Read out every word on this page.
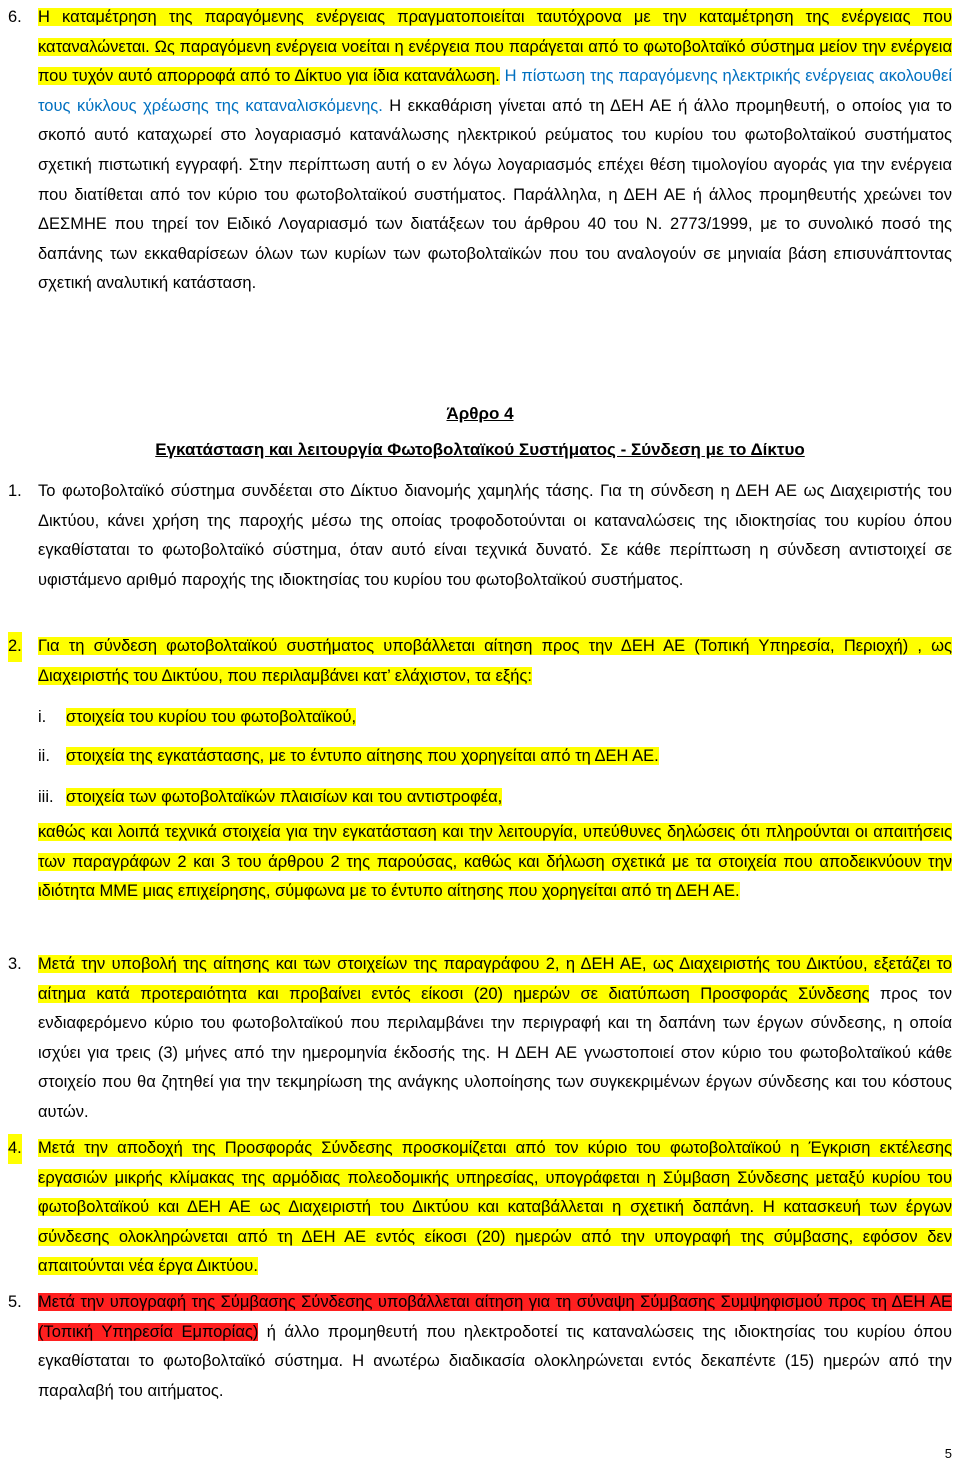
6. Η καταμέτρηση της παραγόμενης ενέργειας πραγματοποιείται ταυτόχρονα με την καταμέτρηση της ενέργειας που καταναλώνεται. Ως παραγόμενη ενέργεια νοείται η ενέργεια που παράγεται από το φωτοβολταϊκό σύστημα μείον την ενέργεια που τυχόν αυτό απορροφά από το Δίκτυο για ίδια κατανάλωση. Η πίστωση της παραγόμενης ηλεκτρικής ενέργειας ακολουθεί τους κύκλους χρέωσης της καταναλισκόμενης. Η εκκαθάριση γίνεται από τη ΔΕΗ ΑΕ ή άλλο προμηθευτή, ο οποίος για το σκοπό αυτό καταχωρεί στο λογαριασμό κατανάλωσης ηλεκτρικού ρεύματος του κυρίου του φωτοβολταϊκού συστήματος σχετική πιστωτική εγγραφή. Στην περίπτωση αυτή ο εν λόγω λογαριασμός επέχει θέση τιμολογίου αγοράς για την ενέργεια που διατίθεται από τον κύριο του φωτοβολταϊκού συστήματος. Παράλληλα, η ΔΕΗ ΑΕ ή άλλος προμηθευτής χρεώνει τον ΔΕΣΜΗΕ που τηρεί τον Ειδικό Λογαριασμό των διατάξεων του άρθρου 40 του Ν. 2773/1999, με το συνολικό ποσό της δαπάνης των εκκαθαρίσεων όλων των κυρίων των φωτοβολταϊκών που του αναλογούν σε μηνιαία βάση επισυνάπτοντας σχετική αναλυτική κατάσταση.
Άρθρο 4
Εγκατάσταση και λειτουργία Φωτοβολταϊκού Συστήματος - Σύνδεση με το Δίκτυο
1. Το φωτοβολταϊκό σύστημα συνδέεται στο Δίκτυο διανομής χαμηλής τάσης. Για τη σύνδεση η ΔΕΗ ΑΕ ως Διαχειριστής του Δικτύου, κάνει χρήση της παροχής μέσω της οποίας τροφοδοτούνται οι καταναλώσεις της ιδιοκτησίας του κυρίου όπου εγκαθίσταται το φωτοβολταϊκό σύστημα, όταν αυτό είναι τεχνικά δυνατό. Σε κάθε περίπτωση η σύνδεση αντιστοιχεί σε υφιστάμενο αριθμό παροχής της ιδιοκτησίας του κυρίου του φωτοβολταϊκού συστήματος.
2. Για τη σύνδεση φωτοβολταϊκού συστήματος υποβάλλεται αίτηση προς την ΔΕΗ ΑΕ (Τοπική Υπηρεσία, Περιοχή) , ως Διαχειριστής του Δικτύου, που περιλαμβάνει κατ’ ελάχιστον, τα εξής:
i. στοιχεία του κυρίου του φωτοβολταϊκού,
ii. στοιχεία της εγκατάστασης, με το έντυπο αίτησης που χορηγείται από τη ΔΕΗ ΑΕ.
iii. στοιχεία των φωτοβολταϊκών πλαισίων και του αντιστροφέα,
καθώς και λοιπά τεχνικά στοιχεία για την εγκατάσταση και την λειτουργία, υπεύθυνες δηλώσεις ότι πληρούνται οι απαιτήσεις των παραγράφων 2 και 3 του άρθρου 2 της παρούσας, καθώς και δήλωση σχετικά με τα στοιχεία που αποδεικνύουν την ιδιότητα ΜΜΕ μιας επιχείρησης, σύμφωνα με το έντυπο αίτησης που χορηγείται από τη ΔΕΗ ΑΕ.
3. Μετά την υποβολή της αίτησης και των στοιχείων της παραγράφου 2, η ΔΕΗ ΑΕ, ως Διαχειριστής του Δικτύου, εξετάζει το αίτημα κατά προτεραιότητα και προβαίνει εντός είκοσι (20) ημερών σε διατύπωση Προσφοράς Σύνδεσης προς τον ενδιαφερόμενο κύριο του φωτοβολταϊκού που περιλαμβάνει την περιγραφή και τη δαπάνη των έργων σύνδεσης, η οποία ισχύει για τρεις (3) μήνες από την ημερομηνία έκδοσής της. Η ΔΕΗ ΑΕ γνωστοποιεί στον κύριο του φωτοβολταϊκού κάθε στοιχείο που θα ζητηθεί για την τεκμηρίωση της ανάγκης υλοποίησης των συγκεκριμένων έργων σύνδεσης και του κόστους αυτών.
4. Μετά την αποδοχή της Προσφοράς Σύνδεσης προσκομίζεται από τον κύριο του φωτοβολταϊκού η Έγκριση εκτέλεσης εργασιών μικρής κλίμακας της αρμόδιας πολεοδομικής υπηρεσίας, υπογράφεται η Σύμβαση Σύνδεσης μεταξύ κυρίου του φωτοβολταϊκού και ΔΕΗ ΑΕ ως Διαχειριστή του Δικτύου και καταβάλλεται η σχετική δαπάνη. Η κατασκευή των έργων σύνδεσης ολοκληρώνεται από τη ΔΕΗ ΑΕ εντός είκοσι (20) ημερών από την υπογραφή της σύμβασης, εφόσον δεν απαιτούνται νέα έργα Δικτύου.
5. Μετά την υπογραφή της Σύμβασης Σύνδεσης υποβάλλεται αίτηση για τη σύναψη Σύμβασης Συμψηφισμού προς τη ΔΕΗ ΑΕ (Τοπική Υπηρεσία Εμπορίας) ή άλλο προμηθευτή που ηλεκτροδοτεί τις καταναλώσεις της ιδιοκτησίας του κυρίου όπου εγκαθίσταται το φωτοβολταϊκό σύστημα. Η ανωτέρω διαδικασία ολοκληρώνεται εντός δεκαπέντε (15) ημερών από την παραλαβή του αιτήματος.
5
